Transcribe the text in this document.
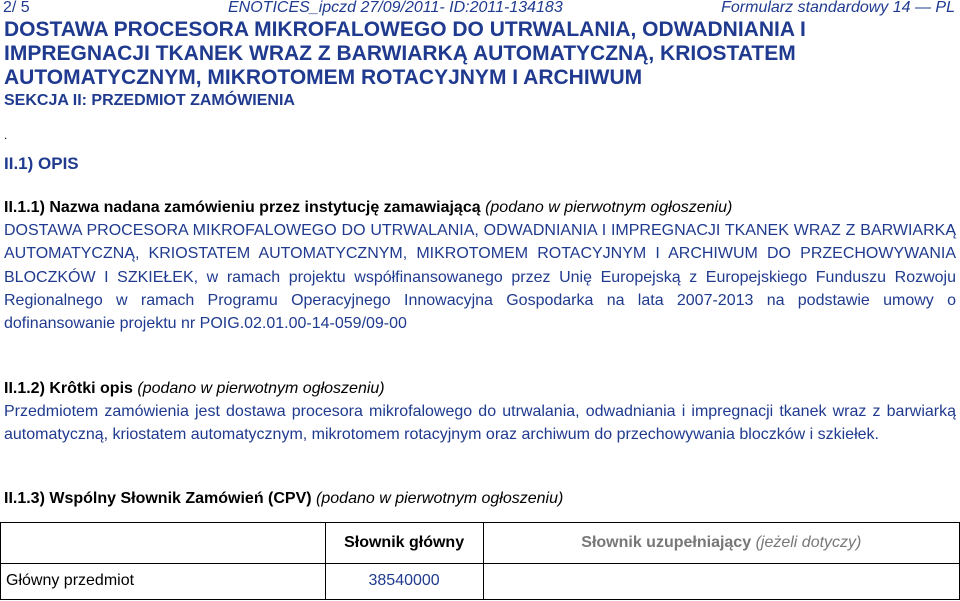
2/ 5	ENOTICES_ipczd 27/09/2011- ID:2011-134183	Formularz standardowy 14 — PL
DOSTAWA PROCESORA MIKROFALOWEGO DO UTRWALANIA, ODWADNIANIA I IMPREGNACJI TKANEK WRAZ Z BARWIARKĄ AUTOMATYCZNĄ, KRIOSTATEM AUTOMATYCZNYM, MIKROTOMEM ROTACYJNYM I ARCHIWUM
SEKCJA II: PRZEDMIOT ZAMÓWIENIA
.
II.1) OPIS
II.1.1) Nazwa nadana zamówieniu przez instytucję zamawiającą (podano w pierwotnym ogłoszeniu)
DOSTAWA PROCESORA MIKROFALOWEGO DO UTRWALANIA, ODWADNIANIA I IMPREGNACJI TKANEK WRAZ Z BARWIARKĄ AUTOMATYCZNĄ, KRIOSTATEM AUTOMATYCZNYM, MIKROTOMEM ROTACYJNYM I ARCHIWUM DO PRZECHOWYWANIA BLOCZKÓW I SZKIEŁEK, w ramach projektu współfinansowanego przez Unię Europejską z Europejskiego Funduszu Rozwoju Regionalnego w ramach Programu Operacyjnego Innowacyjna Gospodarka na lata 2007-2013 na podstawie umowy o dofinansowanie projektu nr POIG.02.01.00-14-059/09-00
II.1.2) Krôtki opis (podano w pierwotnym ogłoszeniu)
Przedmiotem zamówienia jest dostawa procesora mikrofalowego do utrwalania, odwadniania i impregnacji tkanek wraz z barwiarką automatyczną, kriostatem automatycznym, mikrotomem rotacyjnym oraz archiwum do przechowywania bloczków i szkiełek.
II.1.3) Wspólny Słownik Zamówień (CPV) (podano w pierwotnym ogłoszeniu)
	Słownik główny	Słownik uzupełniający (jeżeli dotyczy)
Główny przedmiot	38540000	
